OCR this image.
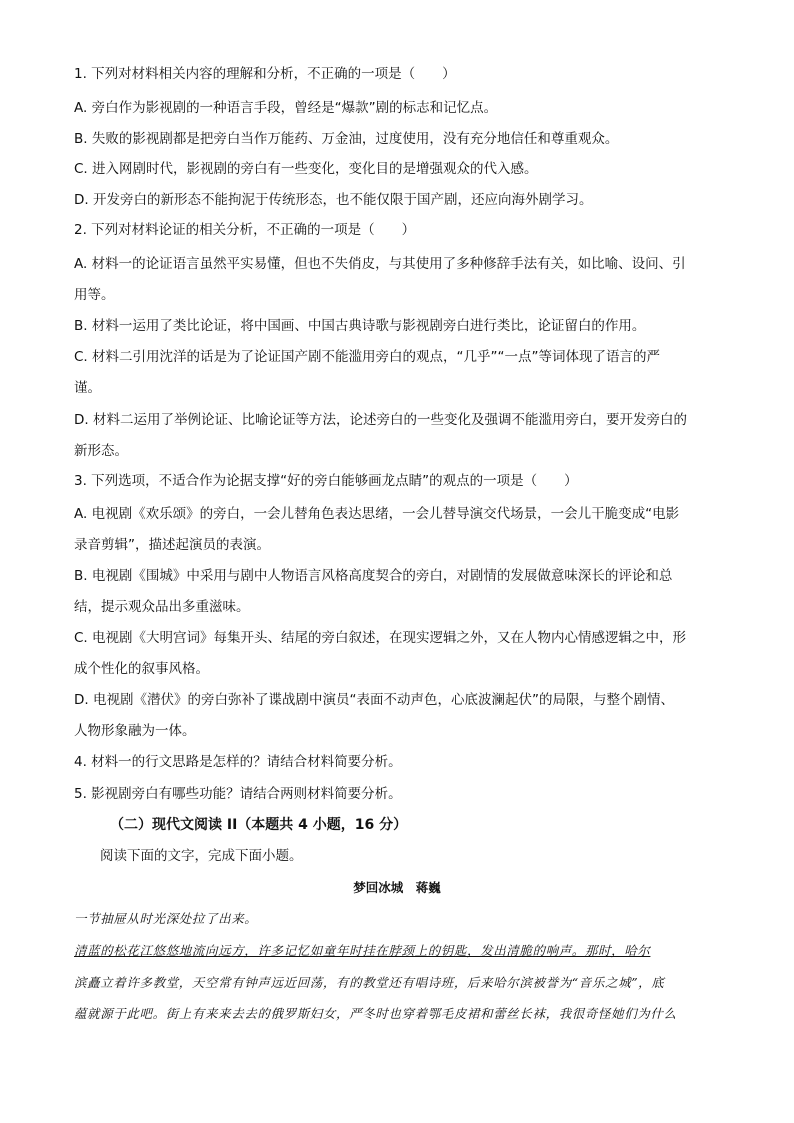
1. 下列对材料相关内容的理解和分析，不正确的一项是（　　）
A. 旁白作为影视剧的一种语言手段，曾经是“爆款”剧的标志和记忆点。
B. 失败的影视剧都是把旁白当作万能药、万金油，过度使用，没有充分地信任和尊重观众。
C. 进入网剧时代，影视剧的旁白有一些变化，变化目的是增强观众的代入感。
D. 开发旁白的新形态不能拘泥于传统形态，也不能仅限于国产剧，还应向海外剧学习。
2. 下列对材料论证的相关分析，不正确的一项是（　　）
A. 材料一的论证语言虽然平实易懂，但也不失俏皮，与其使用了多种修辞手法有关，如比喻、设问、引
用等。
B. 材料一运用了类比论证，将中国画、中国古典诗歌与影视剧旁白进行类比，论证留白的作用。
C. 材料二引用沈洋的话是为了论证国产剧不能滥用旁白的观点，“几乎”“一点”等词体现了语言的严
谨。
D. 材料二运用了举例论证、比喻论证等方法，论述旁白的一些变化及强调不能滥用旁白，要开发旁白的
新形态。
3. 下列选项，不适合作为论据支撑“好的旁白能够画龙点睛”的观点的一项是（　　）
A. 电视剧《欢乐颂》的旁白，一会儿替角色表达思绪，一会儿替导演交代场景，一会儿干脆变成“电影
录音剪辑”，描述起演员的表演。
B. 电视剧《围城》中采用与剧中人物语言风格高度契合的旁白，对剧情的发展做意味深长的评论和总
结，提示观众品出多重滋味。
C. 电视剧《大明宫词》每集开头、结尾的旁白叙述，在现实逻辑之外，又在人物内心情感逻辑之中，形
成个性化的叙事风格。
D. 电视剧《潜伏》的旁白弥补了谍战剧中演员“表面不动声色，心底波澜起伏”的局限，与整个剧情、
人物形象融为一体。
4. 材料一的行文思路是怎样的？请结合材料简要分析。
5. 影视剧旁白有哪些功能？请结合两则材料简要分析。
（二）现代文阅读 II（本题共 4 小题，16 分）
阅读下面的文字，完成下面小题。
梦回冰城　蒋巍
一节抽屉从时光深处拉了出来。
清蓝的松花江悠悠地流向远方，许多记忆如童年时挂在脖颈上的钥匙，发出清脆的响声。那时，哈尔
滨矗立着许多教堂，天空常有钟声远近回荡，有的教堂还有唱诗班，后来哈尔滨被誉为“音乐之城”，底
蕴就源于此吧。街上有来来去去的俄罗斯妇女，严冬时也穿着鄂毛皮裙和蕾丝长袜，我很奇怪她们为什么
